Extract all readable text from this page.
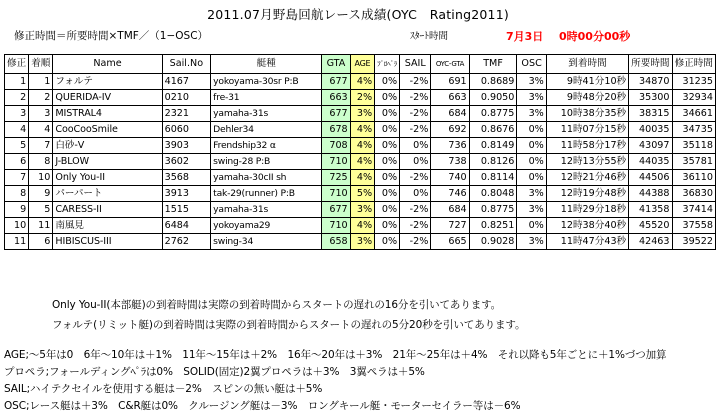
2011.07月野島回航レース成績(OYC　Rating2011)
修正時間＝所要時間×TMF／（1−OSC）	ｽﾀｰﾄ時間	7月3日 0時00分00秒
修正	着順	Name	Sail.No	艇種	GTA	AGE	ﾌﾟﾛﾍﾟﾗ	SAIL	OYC-GTA	TMF	OSC	到着時間	所要時間	修正時間
1	1	フォルテ	4167	yokoyama-30sr P:B	677	4%	0%	-2%	691	0.8689	3%	9時41分10秒	34870	31235
2	2	QUERIDA-IV	0210	fre-31	663	2%	0%	-2%	663	0.9050	3%	9時48分20秒	35300	32934
3	3	MISTRAL4	2321	yamaha-31s	677	3%	0%	-2%	684	0.8775	3%	10時38分35秒	38315	34661
4	4	CooCooSmile	6060	Dehler34	678	4%	0%	-2%	692	0.8676	0%	11時07分15秒	40035	34735
5	7	白砂-V	3903	Frendship32 α	708	4%	0%	0%	736	0.8149	0%	11時58分17秒	43097	35118
6	8	J-BLOW	3602	swing-28 P:B	710	4%	0%	0%	738	0.8126	0%	12時13分55秒	44035	35781
7	10	Only You-II	3568	yamaha-30cII sh	725	4%	0%	-2%	740	0.8114	0%	12時21分46秒	44506	36110
8	9	パーパート	3913	tak-29(runner) P:B	710	5%	0%	0%	746	0.8048	3%	12時19分48秒	44388	36830
9	5	CARESS-II	1515	yamaha-31s	677	3%	0%	-2%	684	0.8775	3%	11時29分18秒	41358	37414
10	11	南風見	6484	yokoyama29	710	4%	0%	-2%	727	0.8251	0%	12時38分40秒	45520	37558
11	6	HIBISCUS-III	2762	swing-34	658	3%	0%	-2%	665	0.9028	3%	11時47分43秒	42463	39522
Only You-II(本部艇)の到着時間は実際の到着時間からスタートの遅れの16分を引いてあります。
フォルテ(リミット艇)の到着時間は実際の到着時間からスタートの遅れの5分20秒を引いてあります。
AGE;～5年は0　6年～10年は＋1%　11年～15年は＋2%　16年～20年は＋3%　21年～25年は＋4%　それ以降も5年ごとに＋1%づつ加算
プロペラ;フォールディングﾍﾟﾗは0%　SOLID(固定)2翼プロペラは＋3%　3翼ペラは＋5%
SAIL;ハイテクセイルを使用する艇は－2%　スピンの無い艇は＋5%
OSC;レース艇は＋3%　C&R艇は0%　クルージング艇は－3%　ロングキール艇・モーターセイラー等は－6%
